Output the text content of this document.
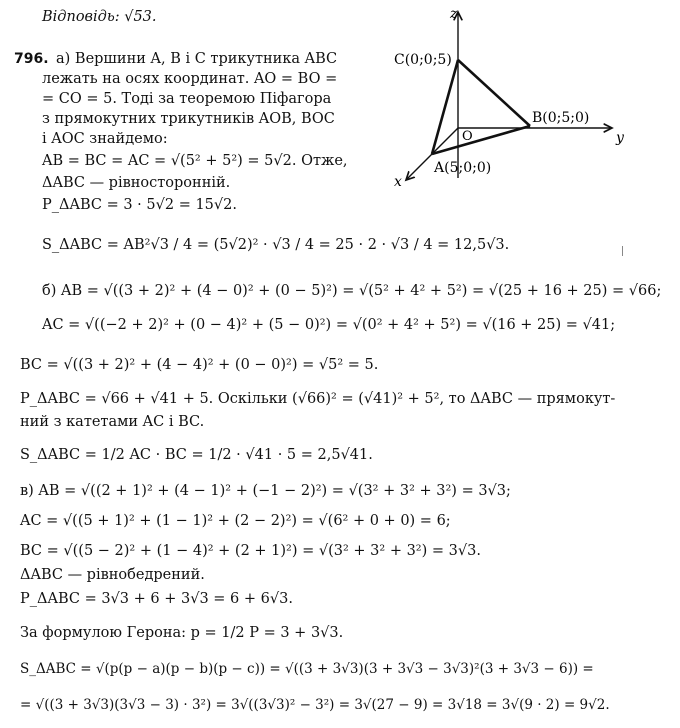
Відповідь: √53.
796. а) Вершини A, B і C трикутника ABC
лежать на осях координат. AO = BO =
= CO = 5. Тоді за теоремою Піфагора
з прямокутних трикутників AOB, BOC
і AOC знайдемо:
AB = BC = AC = √(5² + 5²) = 5√2. Отже,
ΔABC — рівносторонній.
P_ΔABC = 3 · 5√2 = 15√2.
S_ΔABC = AB²√3 / 4 = (5√2)² · √3 / 4 = 25 · 2 · √3 / 4 = 12,5√3.
б) AB = √((3 + 2)² + (4 − 0)² + (0 − 5)²) = √(5² + 4² + 5²) = √(25 + 16 + 25) = √66;
AC = √((−2 + 2)² + (0 − 4)² + (5 − 0)²) = √(0² + 4² + 5²) = √(16 + 25) = √41;
BC = √((3 + 2)² + (4 − 4)² + (0 − 0)²) = √5² = 5.
P_ΔABC = √66 + √41 + 5. Оскільки (√66)² = (√41)² + 5², то ΔABC — прямокут-
ний з катетами AC і BC.
S_ΔABC = 1/2 AC · BC = 1/2 · √41 · 5 = 2,5√41.
в) AB = √((2 + 1)² + (4 − 1)² + (−1 − 2)²) = √(3² + 3² + 3²) = 3√3;
AC = √((5 + 1)² + (1 − 1)² + (2 − 2)²) = √(6² + 0 + 0) = 6;
BC = √((5 − 2)² + (1 − 4)² + (2 + 1)²) = √(3² + 3² + 3²) = 3√3.
ΔABC — рівнобедрений.
P_ΔABC = 3√3 + 6 + 3√3 = 6 + 6√3.
За формулою Герона: p = 1/2 P = 3 + 3√3.
S_ΔABC = √(p(p − a)(p − b)(p − c)) = √((3 + 3√3)(3 + 3√3 − 3√3)²(3 + 3√3 − 6)) =
= √((3 + 3√3)(3√3 − 3) · 3²) = 3√((3√3)² − 3²) = 3√(27 − 9) = 3√18 = 3√(9 · 2) = 9√2.
z
y
x
O
C(0;0;5)
B(0;5;0)
A(5;0;0)
